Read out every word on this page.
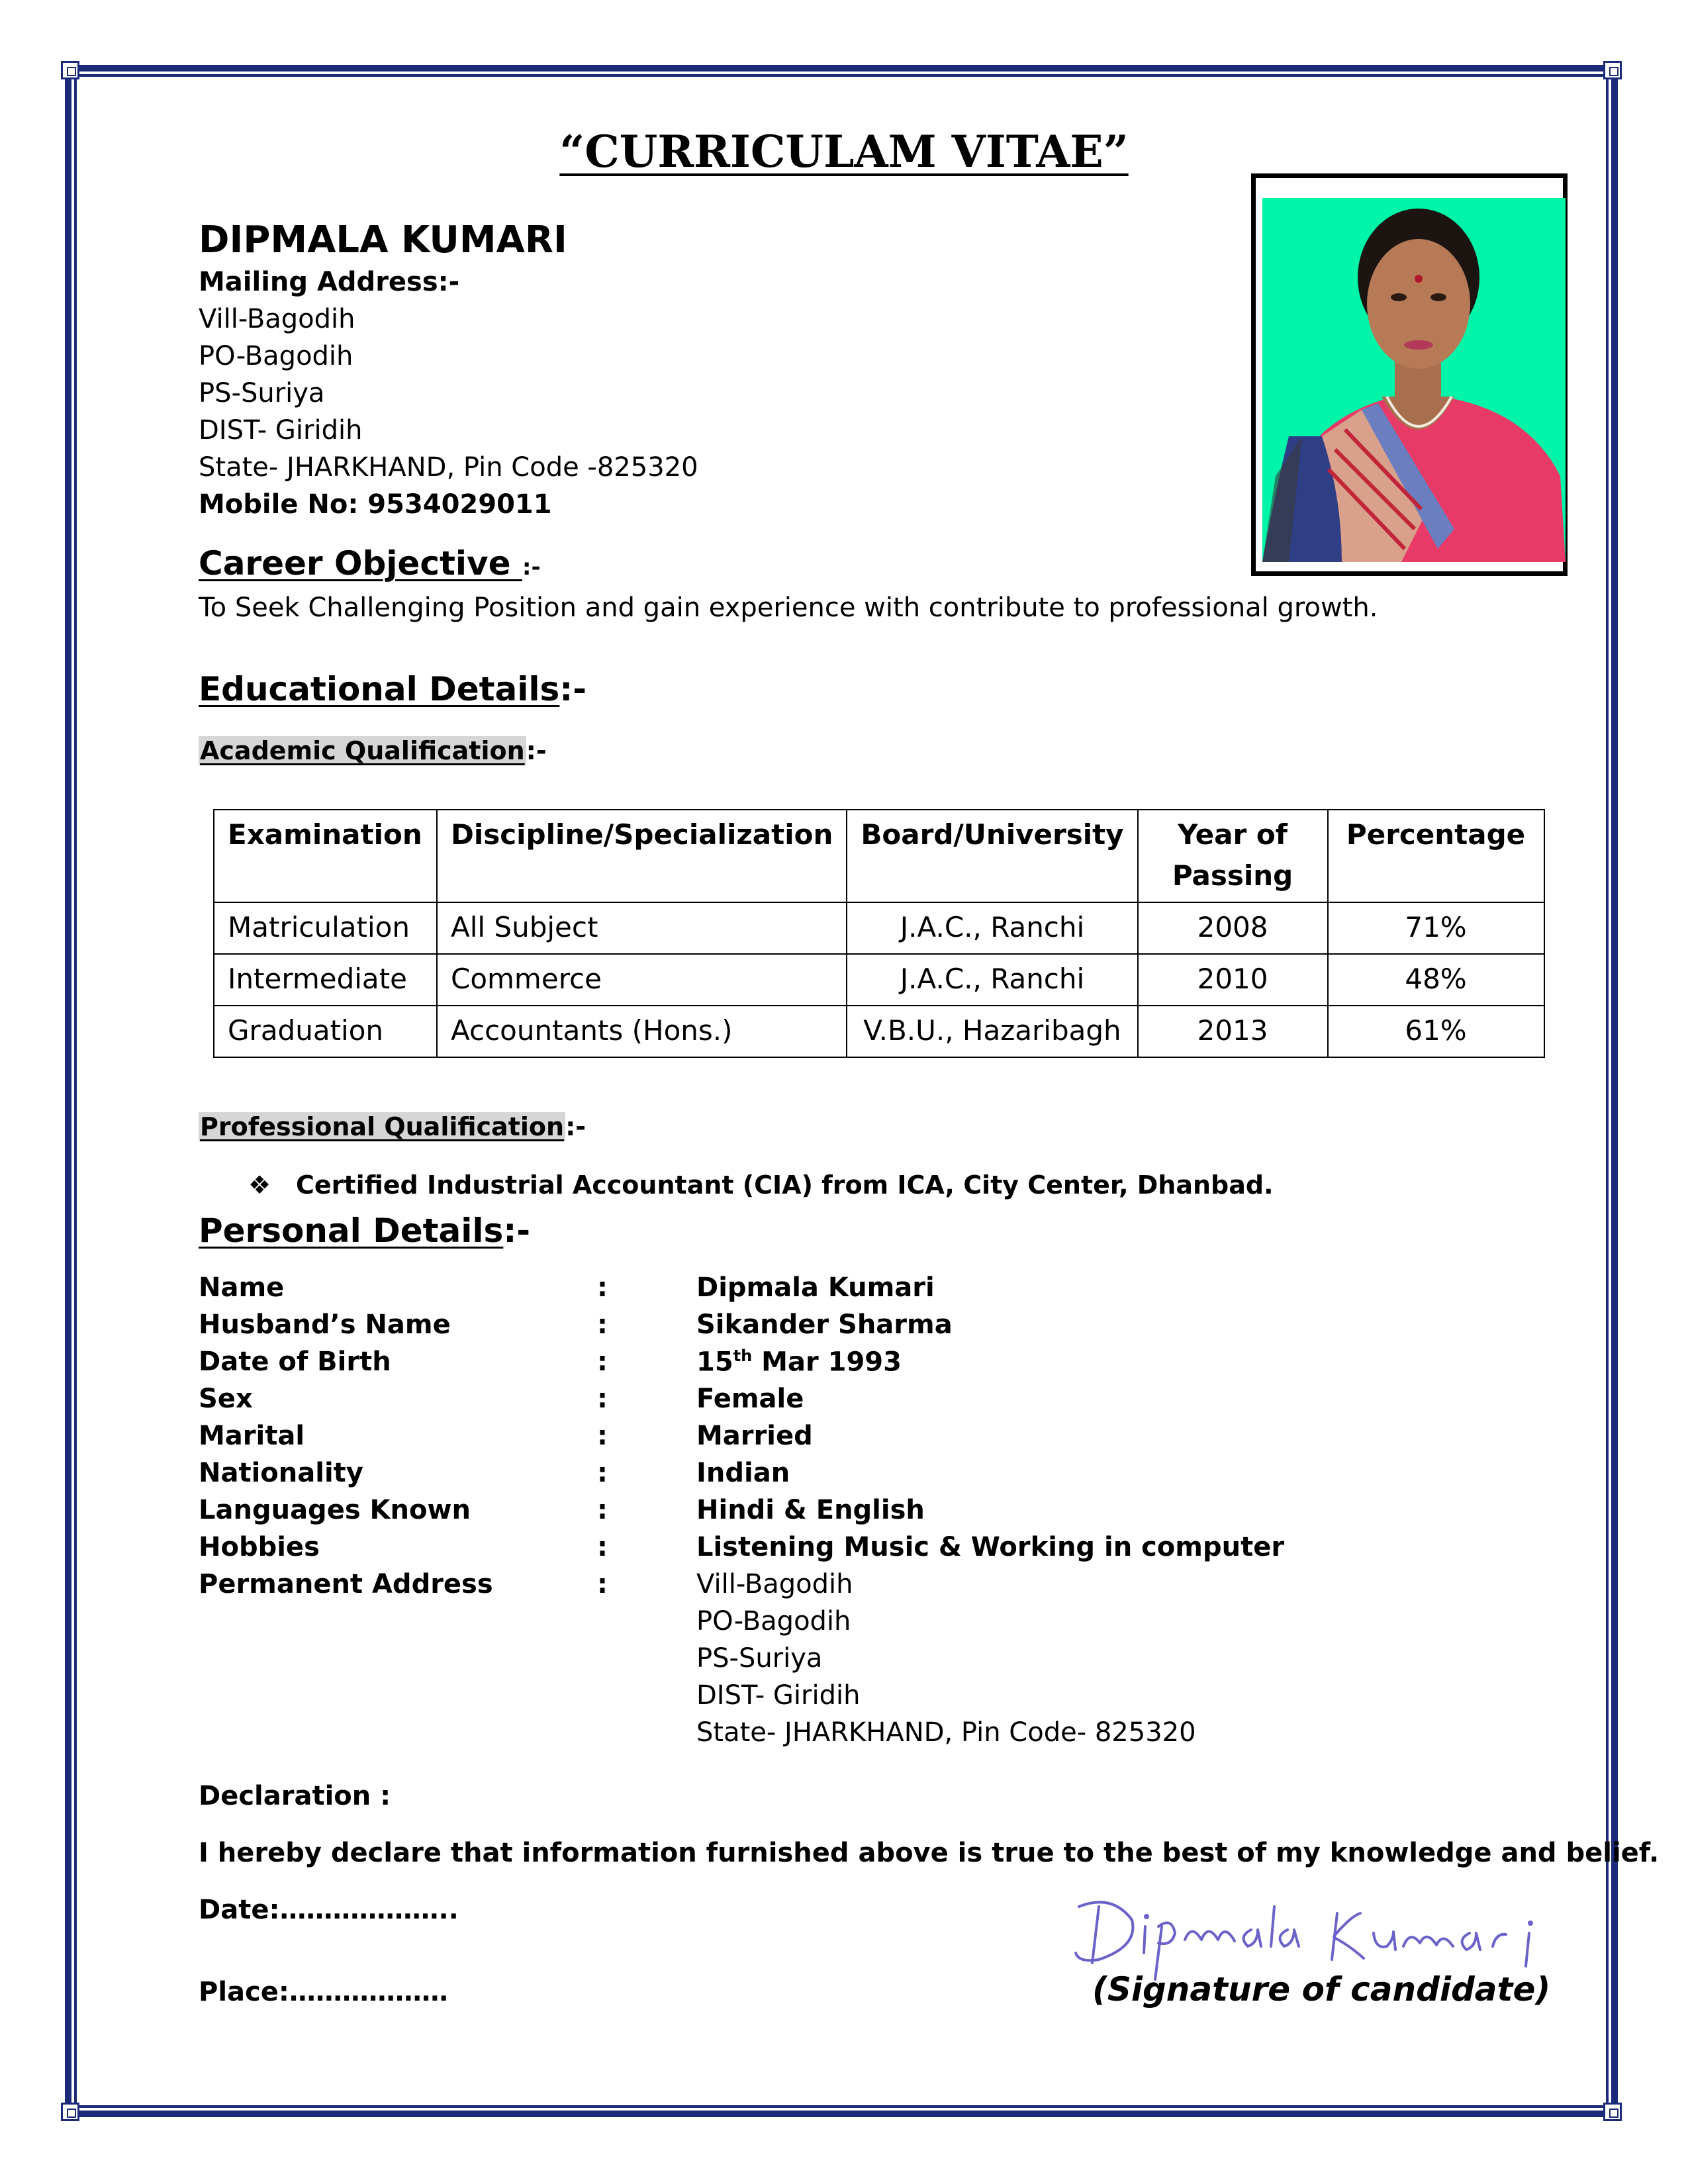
“CURRICULAM VITAE”
DIPMALA KUMARI
Mailing Address:-
Vill-Bagodih
PO-Bagodih
PS-Suriya
DIST- Giridih
State- JHARKHAND, Pin Code -825320
Mobile No: 9534029011
Career Objective :-
To Seek Challenging Position and gain experience with contribute to professional growth.
Educational Details:-
Academic Qualification:-
Examination	Discipline/Specialization	Board/University	Year of Passing	Percentage
Matriculation	All Subject	J.A.C., Ranchi	2008	71%
Intermediate	Commerce	J.A.C., Ranchi	2010	48%
Graduation	Accountants (Hons.)	V.B.U., Hazaribagh	2013	61%
Professional Qualification:-
❖ Certified Industrial Accountant (CIA) from ICA, City Center, Dhanbad.
Personal Details:-
Name	:	Dipmala Kumari
Husband’s Name	:	Sikander Sharma
Date of Birth	:	15th Mar 1993
Sex	:	Female
Marital	:	Married
Nationality	:	Indian
Languages Known	:	Hindi & English
Hobbies	:	Listening Music & Working in computer
Permanent Address	:	Vill-Bagodih
PO-Bagodih
PS-Suriya
DIST- Giridih
State- JHARKHAND, Pin Code- 825320
Declaration :
I hereby declare that information furnished above is true to the best of my knowledge and belief.
Date:………………..
Place:………………	(Signature of candidate)
